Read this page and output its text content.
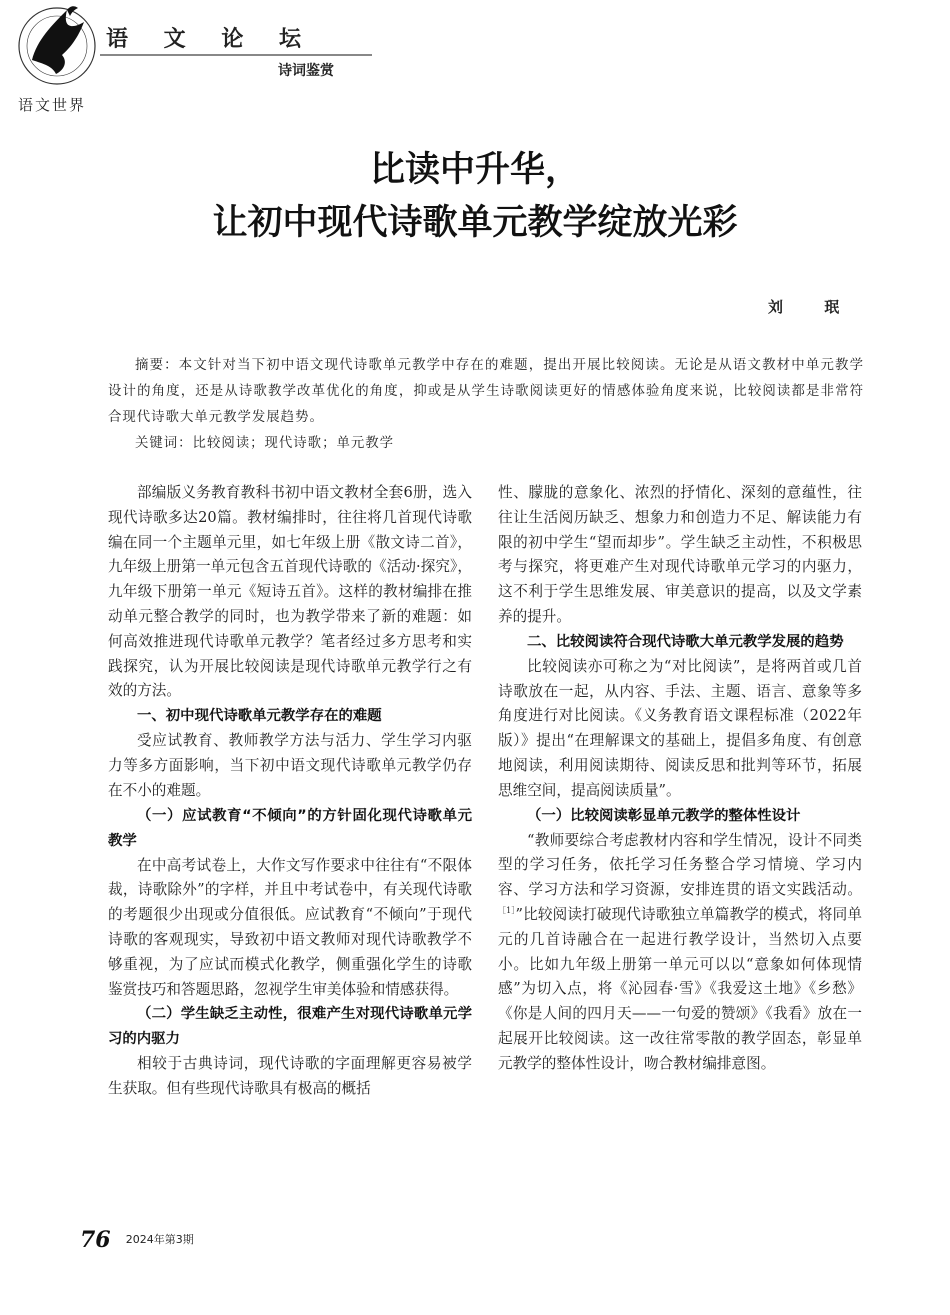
语文世界
语 文 论 坛
诗词鉴赏
比读中升华，
让初中现代诗歌单元教学绽放光彩
刘 珉

摘要：本文针对当下初中语文现代诗歌单元教学中存在的难题，提出开展比较阅读。无论是从语文教材中单元教学设计的角度，还是从诗歌教学改革优化的角度，抑或是从学生诗歌阅读更好的情感体验角度来说，比较阅读都是非常符合现代诗歌大单元教学发展趋势。

关键词：比较阅读；现代诗歌；单元教学

部编版义务教育教科书初中语文教材全套6册，选入现代诗歌多达20篇。教材编排时，往往将几首现代诗歌编在同一个主题单元里，如七年级上册《散文诗二首》，九年级上册第一单元包含五首现代诗歌的《活动·探究》，九年级下册第一单元《短诗五首》。这样的教材编排在推动单元整合教学的同时，也为教学带来了新的难题：如何高效推进现代诗歌单元教学？笔者经过多方思考和实践探究，认为开展比较阅读是现代诗歌单元教学行之有效的方法。

一、初中现代诗歌单元教学存在的难题

受应试教育、教师教学方法与活力、学生学习内驱力等多方面影响，当下初中语文现代诗歌单元教学仍存在不小的难题。

（一）应试教育“不倾向”的方针固化现代诗歌单元教学

在中高考试卷上，大作文写作要求中往往有“不限体裁，诗歌除外”的字样，并且中考试卷中，有关现代诗歌的考题很少出现或分值很低。应试教育“不倾向”于现代诗歌的客观现实，导致初中语文教师对现代诗歌教学不够重视，为了应试而模式化教学，侧重强化学生的诗歌鉴赏技巧和答题思路，忽视学生审美体验和情感获得。

（二）学生缺乏主动性，很难产生对现代诗歌单元学习的内驱力

相较于古典诗词，现代诗歌的字面理解更容易被学生获取。但有些现代诗歌具有极高的概括

性、朦胧的意象化、浓烈的抒情化、深刻的意蕴性，往往让生活阅历缺乏、想象力和创造力不足、解读能力有限的初中学生“望而却步”。学生缺乏主动性，不积极思考与探究，将更难产生对现代诗歌单元学习的内驱力，这不利于学生思维发展、审美意识的提高，以及文学素养的提升。

二、比较阅读符合现代诗歌大单元教学发展的趋势

比较阅读亦可称之为“对比阅读”，是将两首或几首诗歌放在一起，从内容、手法、主题、语言、意象等多角度进行对比阅读。《义务教育语文课程标准（2022年版）》提出“在理解课文的基础上，提倡多角度、有创意地阅读，利用阅读期待、阅读反思和批判等环节，拓展思维空间，提高阅读质量”。

（一）比较阅读彰显单元教学的整体性设计

“教师要综合考虑教材内容和学生情况，设计不同类型的学习任务，依托学习任务整合学习情境、学习内容、学习方法和学习资源，安排连贯的语文实践活动。$^{[1]}$”比较阅读打破现代诗歌独立单篇教学的模式，将同单元的几首诗融合在一起进行教学设计，当然切入点要小。比如九年级上册第一单元可以以“意象如何体现情感”为切入点，将《沁园春·雪》《我爱这土地》《乡愁》《你是人间的四月天——一句爱的赞颂》《我看》放在一起展开比较阅读。这一改往常零散的教学固态，彰显单元教学的整体性设计，吻合教材编排意图。

76 $^{2024年第3期}$
